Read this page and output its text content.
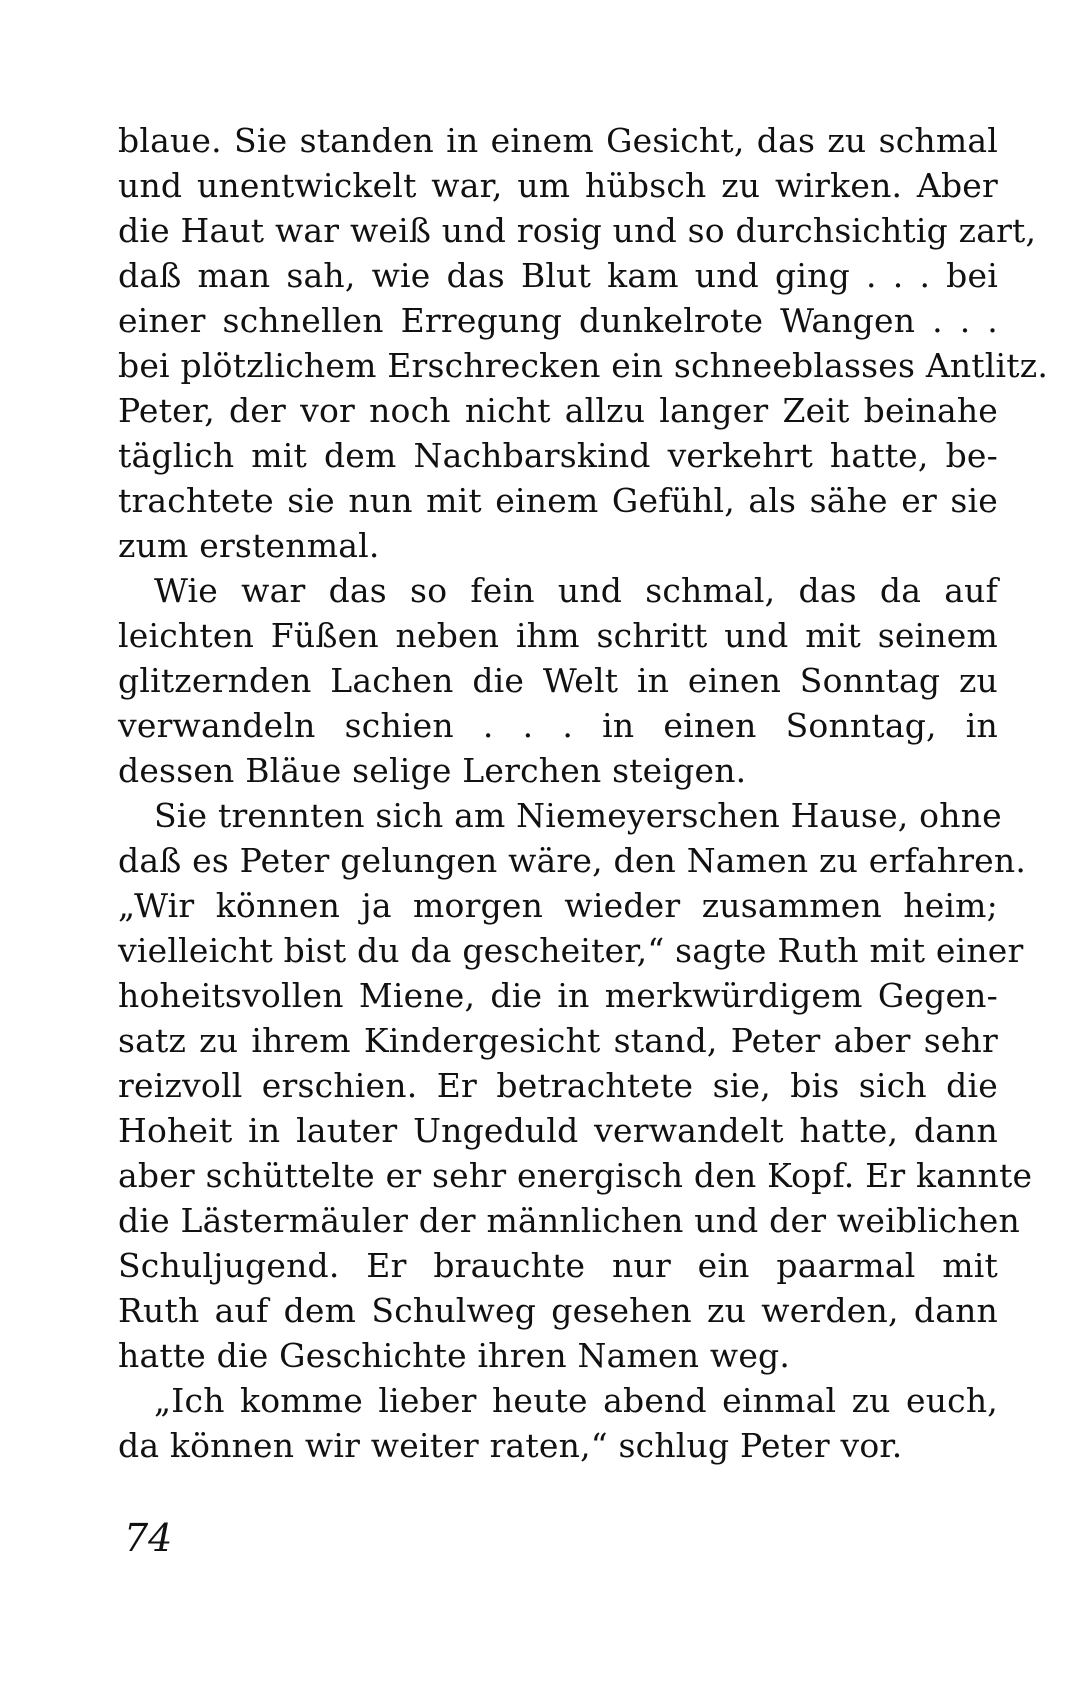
blaue. Sie standen in einem Gesicht, das zu schmal
und unentwickelt war, um hübsch zu wirken. Aber
die Haut war weiß und rosig und so durchsichtig zart,
daß man sah, wie das Blut kam und ging . . . bei
einer schnellen Erregung dunkelrote Wangen . . .
bei plötzlichem Erschrecken ein schneeblasses Antlitz.
Peter, der vor noch nicht allzu langer Zeit beinahe
täglich mit dem Nachbarskind verkehrt hatte, be-
trachtete sie nun mit einem Gefühl, als sähe er sie
zum erstenmal.

Wie war das so fein und schmal, das da auf
leichten Füßen neben ihm schritt und mit seinem
glitzernden Lachen die Welt in einen Sonntag zu
verwandeln schien . . . in einen Sonntag, in
dessen Bläue selige Lerchen steigen.

Sie trennten sich am Niemeyerschen Hause, ohne
daß es Peter gelungen wäre, den Namen zu erfahren.
„Wir können ja morgen wieder zusammen heim;
vielleicht bist du da gescheiter,“ sagte Ruth mit einer
hoheitsvollen Miene, die in merkwürdigem Gegen-
satz zu ihrem Kindergesicht stand, Peter aber sehr
reizvoll erschien. Er betrachtete sie, bis sich die
Hoheit in lauter Ungeduld verwandelt hatte, dann
aber schüttelte er sehr energisch den Kopf. Er kannte
die Lästermäuler der männlichen und der weiblichen
Schuljugend. Er brauchte nur ein paarmal mit
Ruth auf dem Schulweg gesehen zu werden, dann
hatte die Geschichte ihren Namen weg.

„Ich komme lieber heute abend einmal zu euch,
da können wir weiter raten,“ schlug Peter vor.

74
